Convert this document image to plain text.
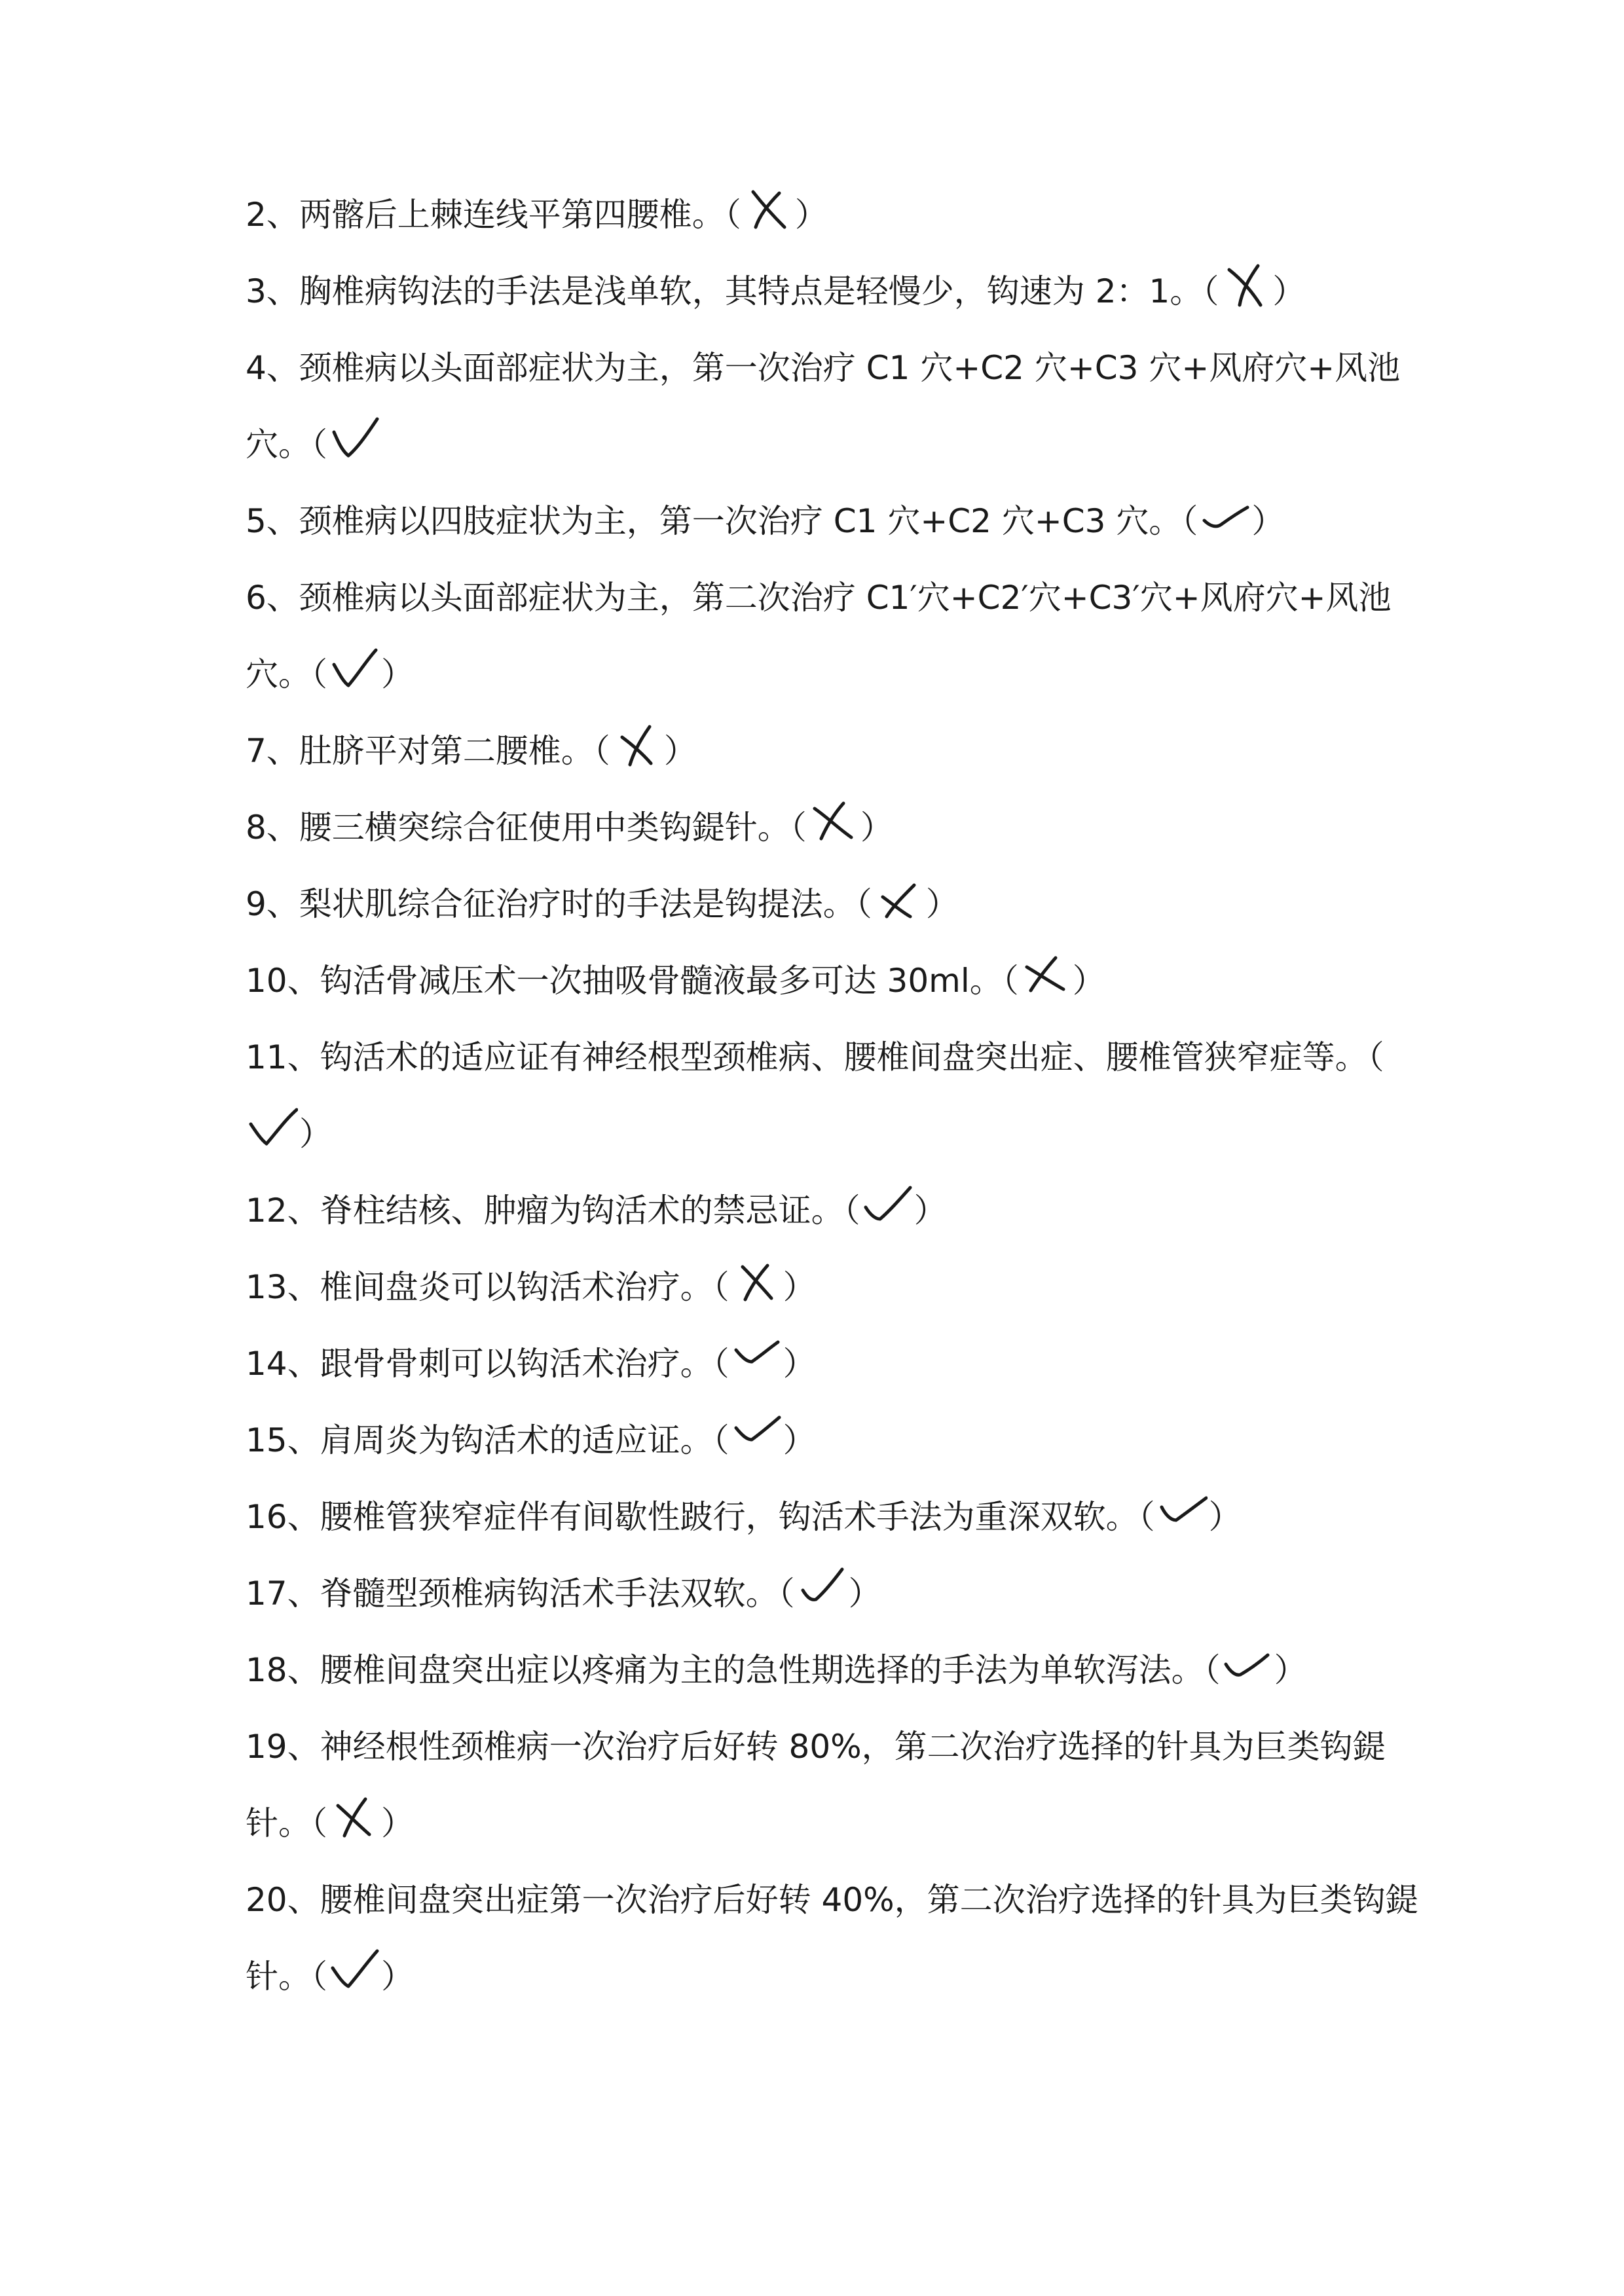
2、两髂后上棘连线平第四腰椎。（ ）
3、胸椎病钩法的手法是浅单软，其特点是轻慢少，钩速为 2：1。（ ）
4、颈椎病以头面部症状为主，第一次治疗 C1 穴+C2 穴+C3 穴+风府穴+风池穴。（
5、颈椎病以四肢症状为主，第一次治疗 C1 穴+C2 穴+C3 穴。（ ）
6、颈椎病以头面部症状为主，第二次治疗 C1′穴+C2′穴+C3′穴+风府穴+风池穴。（ ）
7、肚脐平对第二腰椎。（ ）
8、腰三横突综合征使用中类钩鍉针。（ ）
9、梨状肌综合征治疗时的手法是钩提法。（ ）
10、钩活骨减压术一次抽吸骨髓液最多可达 30ml。（ ）
11、钩活术的适应证有神经根型颈椎病、腰椎间盘突出症、腰椎管狭窄症等。（）
12、脊柱结核、肿瘤为钩活术的禁忌证。（ ）
13、椎间盘炎可以钩活术治疗。（ ）
14、跟骨骨刺可以钩活术治疗。（ ）
15、肩周炎为钩活术的适应证。（ ）
16、腰椎管狭窄症伴有间歇性跛行，钩活术手法为重深双软。（ ）
17、脊髓型颈椎病钩活术手法双软。（ ）
18、腰椎间盘突出症以疼痛为主的急性期选择的手法为单软泻法。（ ）
19、神经根性颈椎病一次治疗后好转 80%，第二次治疗选择的针具为巨类钩鍉针。（ ）
20、腰椎间盘突出症第一次治疗后好转 40%，第二次治疗选择的针具为巨类钩鍉针。（ ）
